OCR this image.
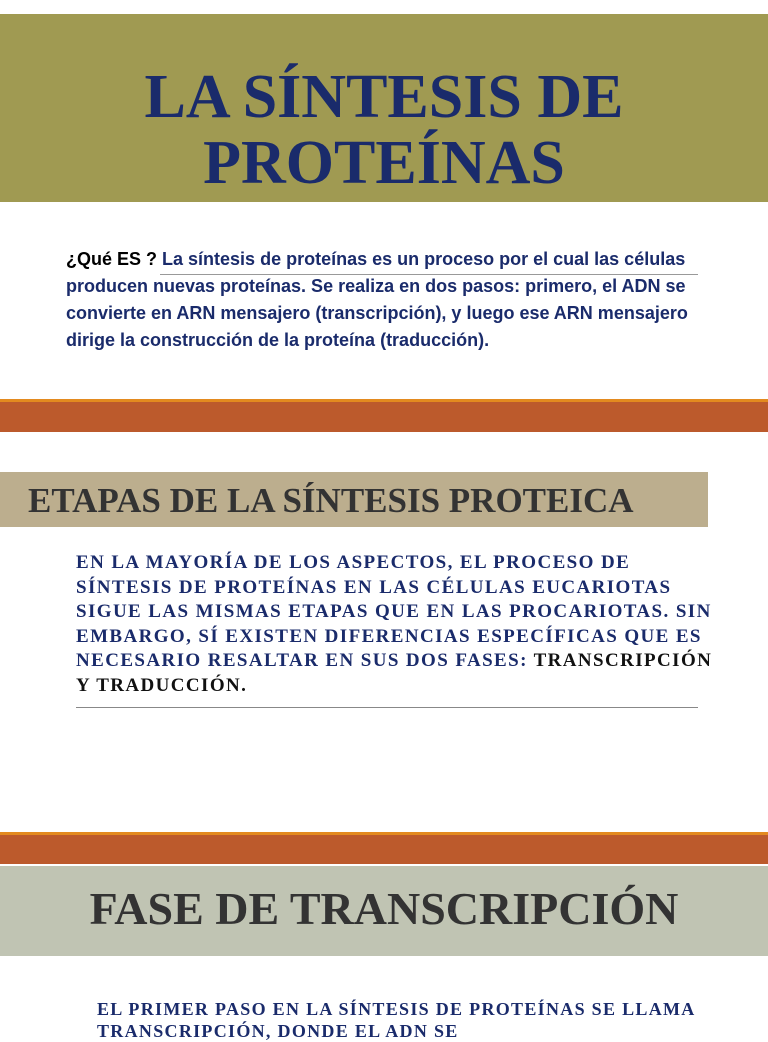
LA SÍNTESIS DE PROTEÍNAS
¿Qué ES ? La síntesis de proteínas es un proceso por el cual las células producen nuevas proteínas. Se realiza en dos pasos: primero, el ADN se convierte en ARN mensajero (transcripción), y luego ese ARN mensajero dirige la construcción de la proteína (traducción).
ETAPAS DE LA SÍNTESIS PROTEICA
EN LA MAYORÍA DE LOS ASPECTOS, EL PROCESO DE SÍNTESIS DE PROTEÍNAS EN LAS CÉLULAS EUCARIOTAS SIGUE LAS MISMAS ETAPAS QUE EN LAS PROCARIOTAS. SIN EMBARGO, SÍ EXISTEN DIFERENCIAS ESPECÍFICAS QUE ES NECESARIO RESALTAR EN SUS DOS FASES: TRANSCRIPCIÓN Y TRADUCCIÓN.
FASE DE TRANSCRIPCIÓN
EL PRIMER PASO EN LA SÍNTESIS DE PROTEÍNAS SE LLAMA TRANSCRIPCIÓN, DONDE EL ADN SE
